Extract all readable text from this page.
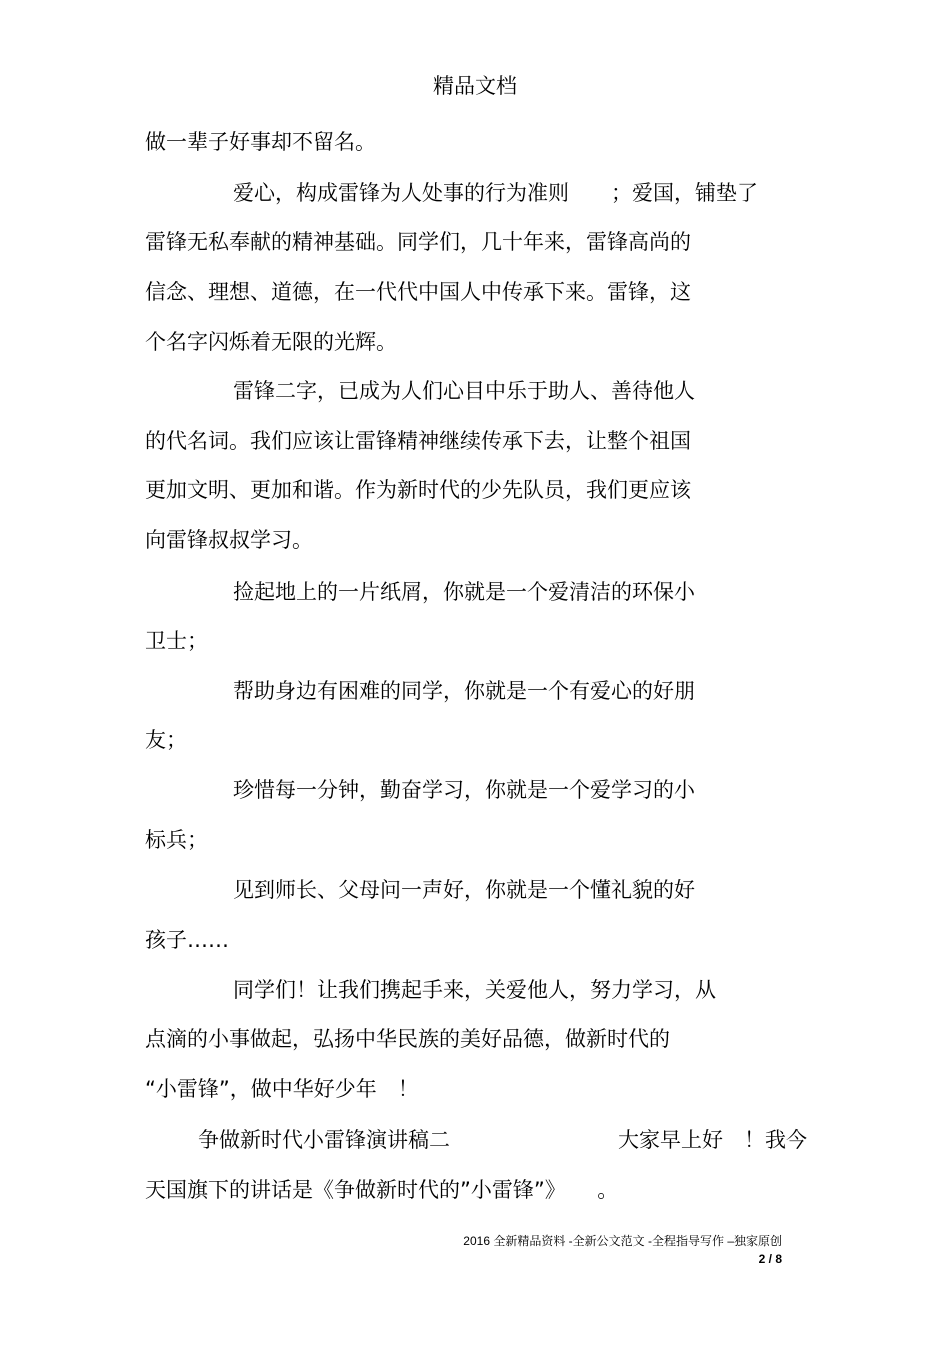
精品文档
做一辈子好事却不留名。
爱心，构成雷锋为人处事的行为准则　　；爱国，铺垫了
雷锋无私奉献的精神基础。同学们，几十年来，雷锋高尚的
信念、理想、道德，在一代代中国人中传承下来。雷锋，这
个名字闪烁着无限的光辉。
雷锋二字，已成为人们心目中乐于助人、善待他人
的代名词。我们应该让雷锋精神继续传承下去，让整个祖国
更加文明、更加和谐。作为新时代的少先队员，我们更应该
向雷锋叔叔学习。
捡起地上的一片纸屑，你就是一个爱清洁的环保小
卫士；
帮助身边有困难的同学，你就是一个有爱心的好朋
友；
珍惜每一分钟，勤奋学习，你就是一个爱学习的小
标兵；
见到师长、父母问一声好，你就是一个懂礼貌的好
孩子……
同学们！让我们携起手来，关爱他人，努力学习，从
点滴的小事做起，弘扬中华民族的美好品德，做新时代的
“小雷锋”，做中华好少年　！
争做新时代小雷锋演讲稿二　　　　　　　　大家早上好　！我今
天国旗下的讲话是《争做新时代的”小雷锋”》　　。
2016 全新精品资料 -全新公文范文 -全程指导写作 –独家原创
2 / 8
